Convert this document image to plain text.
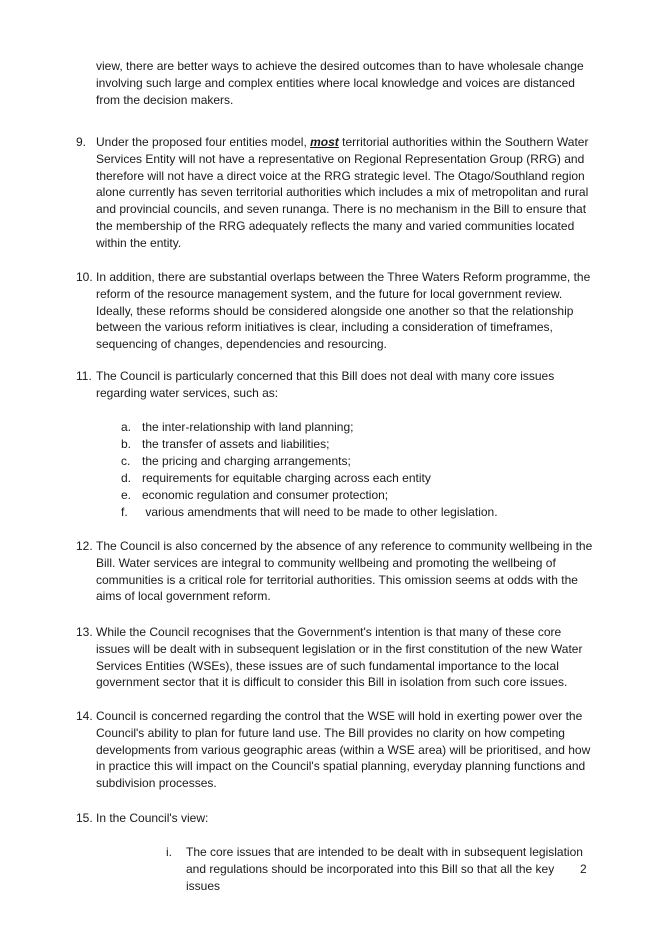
view, there are better ways to achieve the desired outcomes than to have wholesale change involving such large and complex entities where local knowledge and voices are distanced from the decision makers.

9. Under the proposed four entities model, most territorial authorities within the Southern Water Services Entity will not have a representative on Regional Representation Group (RRG) and therefore will not have a direct voice at the RRG strategic level. The Otago/Southland region alone currently has seven territorial authorities which includes a mix of metropolitan and rural and provincial councils, and seven runanga. There is no mechanism in the Bill to ensure that the membership of the RRG adequately reflects the many and varied communities located within the entity.
10. In addition, there are substantial overlaps between the Three Waters Reform programme, the reform of the resource management system, and the future for local government review. Ideally, these reforms should be considered alongside one another so that the relationship between the various reform initiatives is clear, including a consideration of timeframes, sequencing of changes, dependencies and resourcing.
11. The Council is particularly concerned that this Bill does not deal with many core issues regarding water services, such as:
a. the inter-relationship with land planning;
b. the transfer of assets and liabilities;
c. the pricing and charging arrangements;
d. requirements for equitable charging across each entity
e. economic regulation and consumer protection;
f.	various amendments that will need to be made to other legislation.
12. The Council is also concerned by the absence of any reference to community wellbeing in the Bill. Water services are integral to community wellbeing and promoting the wellbeing of communities is a critical role for territorial authorities. This omission seems at odds with the aims of local government reform.
13. While the Council recognises that the Government's intention is that many of these core issues will be dealt with in subsequent legislation or in the first constitution of the new Water Services Entities (WSEs), these issues are of such fundamental importance to the local government sector that it is difficult to consider this Bill in isolation from such core issues.
14. Council is concerned regarding the control that the WSE will hold in exerting power over the Council's ability to plan for future land use. The Bill provides no clarity on how competing developments from various geographic areas (within a WSE area) will be prioritised, and how in practice this will impact on the Council's spatial planning, everyday planning functions and subdivision processes.
15. In the Council's view:
i.	The core issues that are intended to be dealt with in subsequent legislation and regulations should be incorporated into this Bill so that all the key issues
2
